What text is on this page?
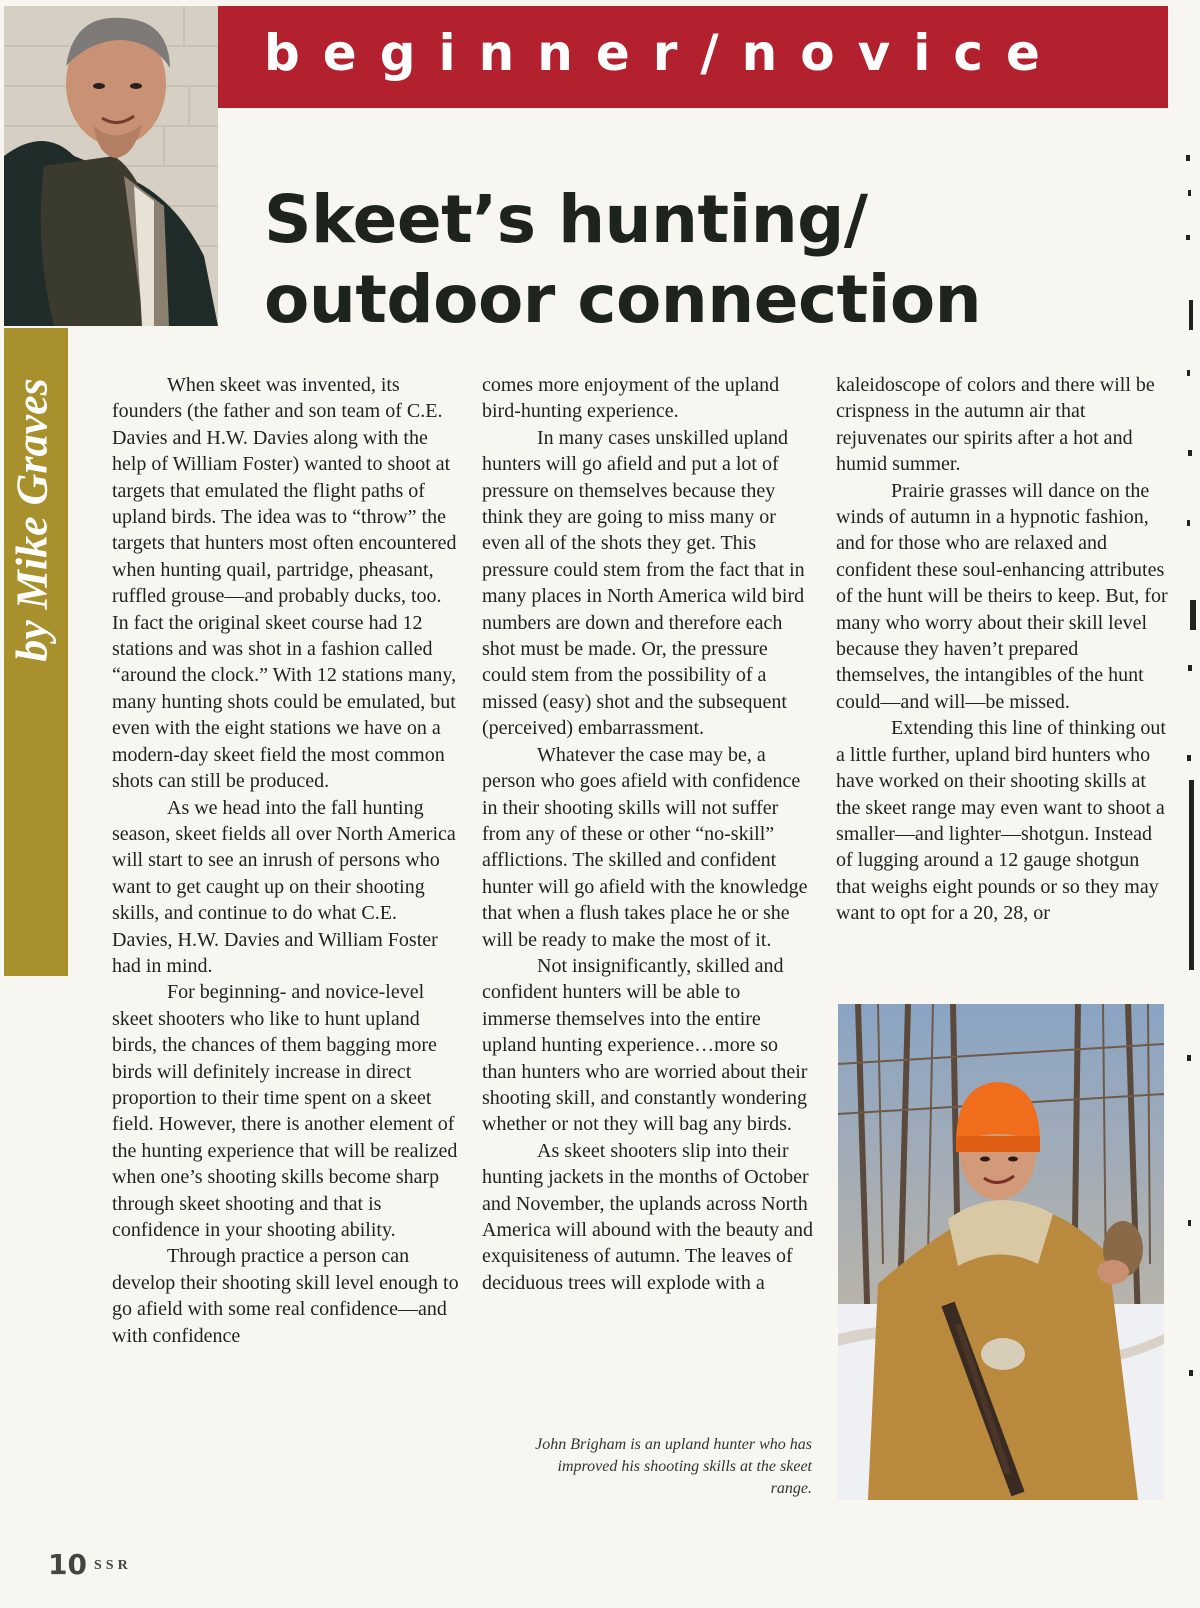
beginner/novice
Skeet’s hunting/
outdoor connection
by Mike Graves	When skeet was invented, its founders (the father and son team of C.E. Davies and H.W. Davies along with the help of William Foster) wanted to shoot at targets that emulated the flight paths of upland birds. The idea was to “throw” the targets that hunters most often encountered when hunting quail, partridge, pheasant, ruffled grouse—and probably ducks, too. In fact the original skeet course had 12 stations and was shot in a fashion called “around the clock.” With 12 stations many, many hunting shots could be emulated, but even with the eight stations we have on a modern-day skeet field the most common shots can still be produced.

As we head into the fall hunting season, skeet fields all over North America will start to see an inrush of persons who want to get caught up on their shooting skills, and continue to do what C.E. Davies, H.W. Davies and William Foster had in mind.

For beginning- and novice-level skeet shooters who like to hunt upland birds, the chances of them bagging more birds will definitely increase in direct proportion to their time spent on a skeet field. However, there is another element of the hunting experience that will be realized when one’s shooting skills become sharp through skeet shooting and that is confidence in your shooting ability.

Through practice a person can develop their shooting skill level enough to go afield with some real confidence—and with confidence

comes more enjoyment of the upland bird-hunting experience.

In many cases unskilled upland hunters will go afield and put a lot of pressure on themselves because they think they are going to miss many or even all of the shots they get. This pressure could stem from the fact that in many places in North America wild bird numbers are down and therefore each shot must be made. Or, the pressure could stem from the possibility of a missed (easy) shot and the subsequent (perceived) embarrassment.

Whatever the case may be, a person who goes afield with confidence in their shooting skills will not suffer from any of these or other “no-skill” afflictions. The skilled and confident hunter will go afield with the knowledge that when a flush takes place he or she will be ready to make the most of it.

Not insignificantly, skilled and confident hunters will be able to immerse themselves into the entire upland hunting experience…more so than hunters who are worried about their shooting skill, and constantly wondering whether or not they will bag any birds.

As skeet shooters slip into their hunting jackets in the months of October and November, the uplands across North America will abound with the beauty and exquisiteness of autumn. The leaves of deciduous trees will explode with a

kaleidoscope of colors and there will be crispness in the autumn air that rejuvenates our spirits after a hot and humid summer.

Prairie grasses will dance on the winds of autumn in a hypnotic fashion, and for those who are relaxed and confident these soul-enhancing attributes of the hunt will be theirs to keep. But, for many who worry about their skill level because they haven’t prepared themselves, the intangibles of the hunt could—and will—be missed.

Extending this line of thinking out a little further, upland bird hunters who have worked on their shooting skills at the skeet range may even want to shoot a smaller—and lighter—shotgun. Instead of lugging around a 12 gauge shotgun that weighs eight pounds or so they may want to opt for a 20, 28, or

John Brigham is an upland hunter who has improved his shooting skills at the skeet range.
10 SSR
